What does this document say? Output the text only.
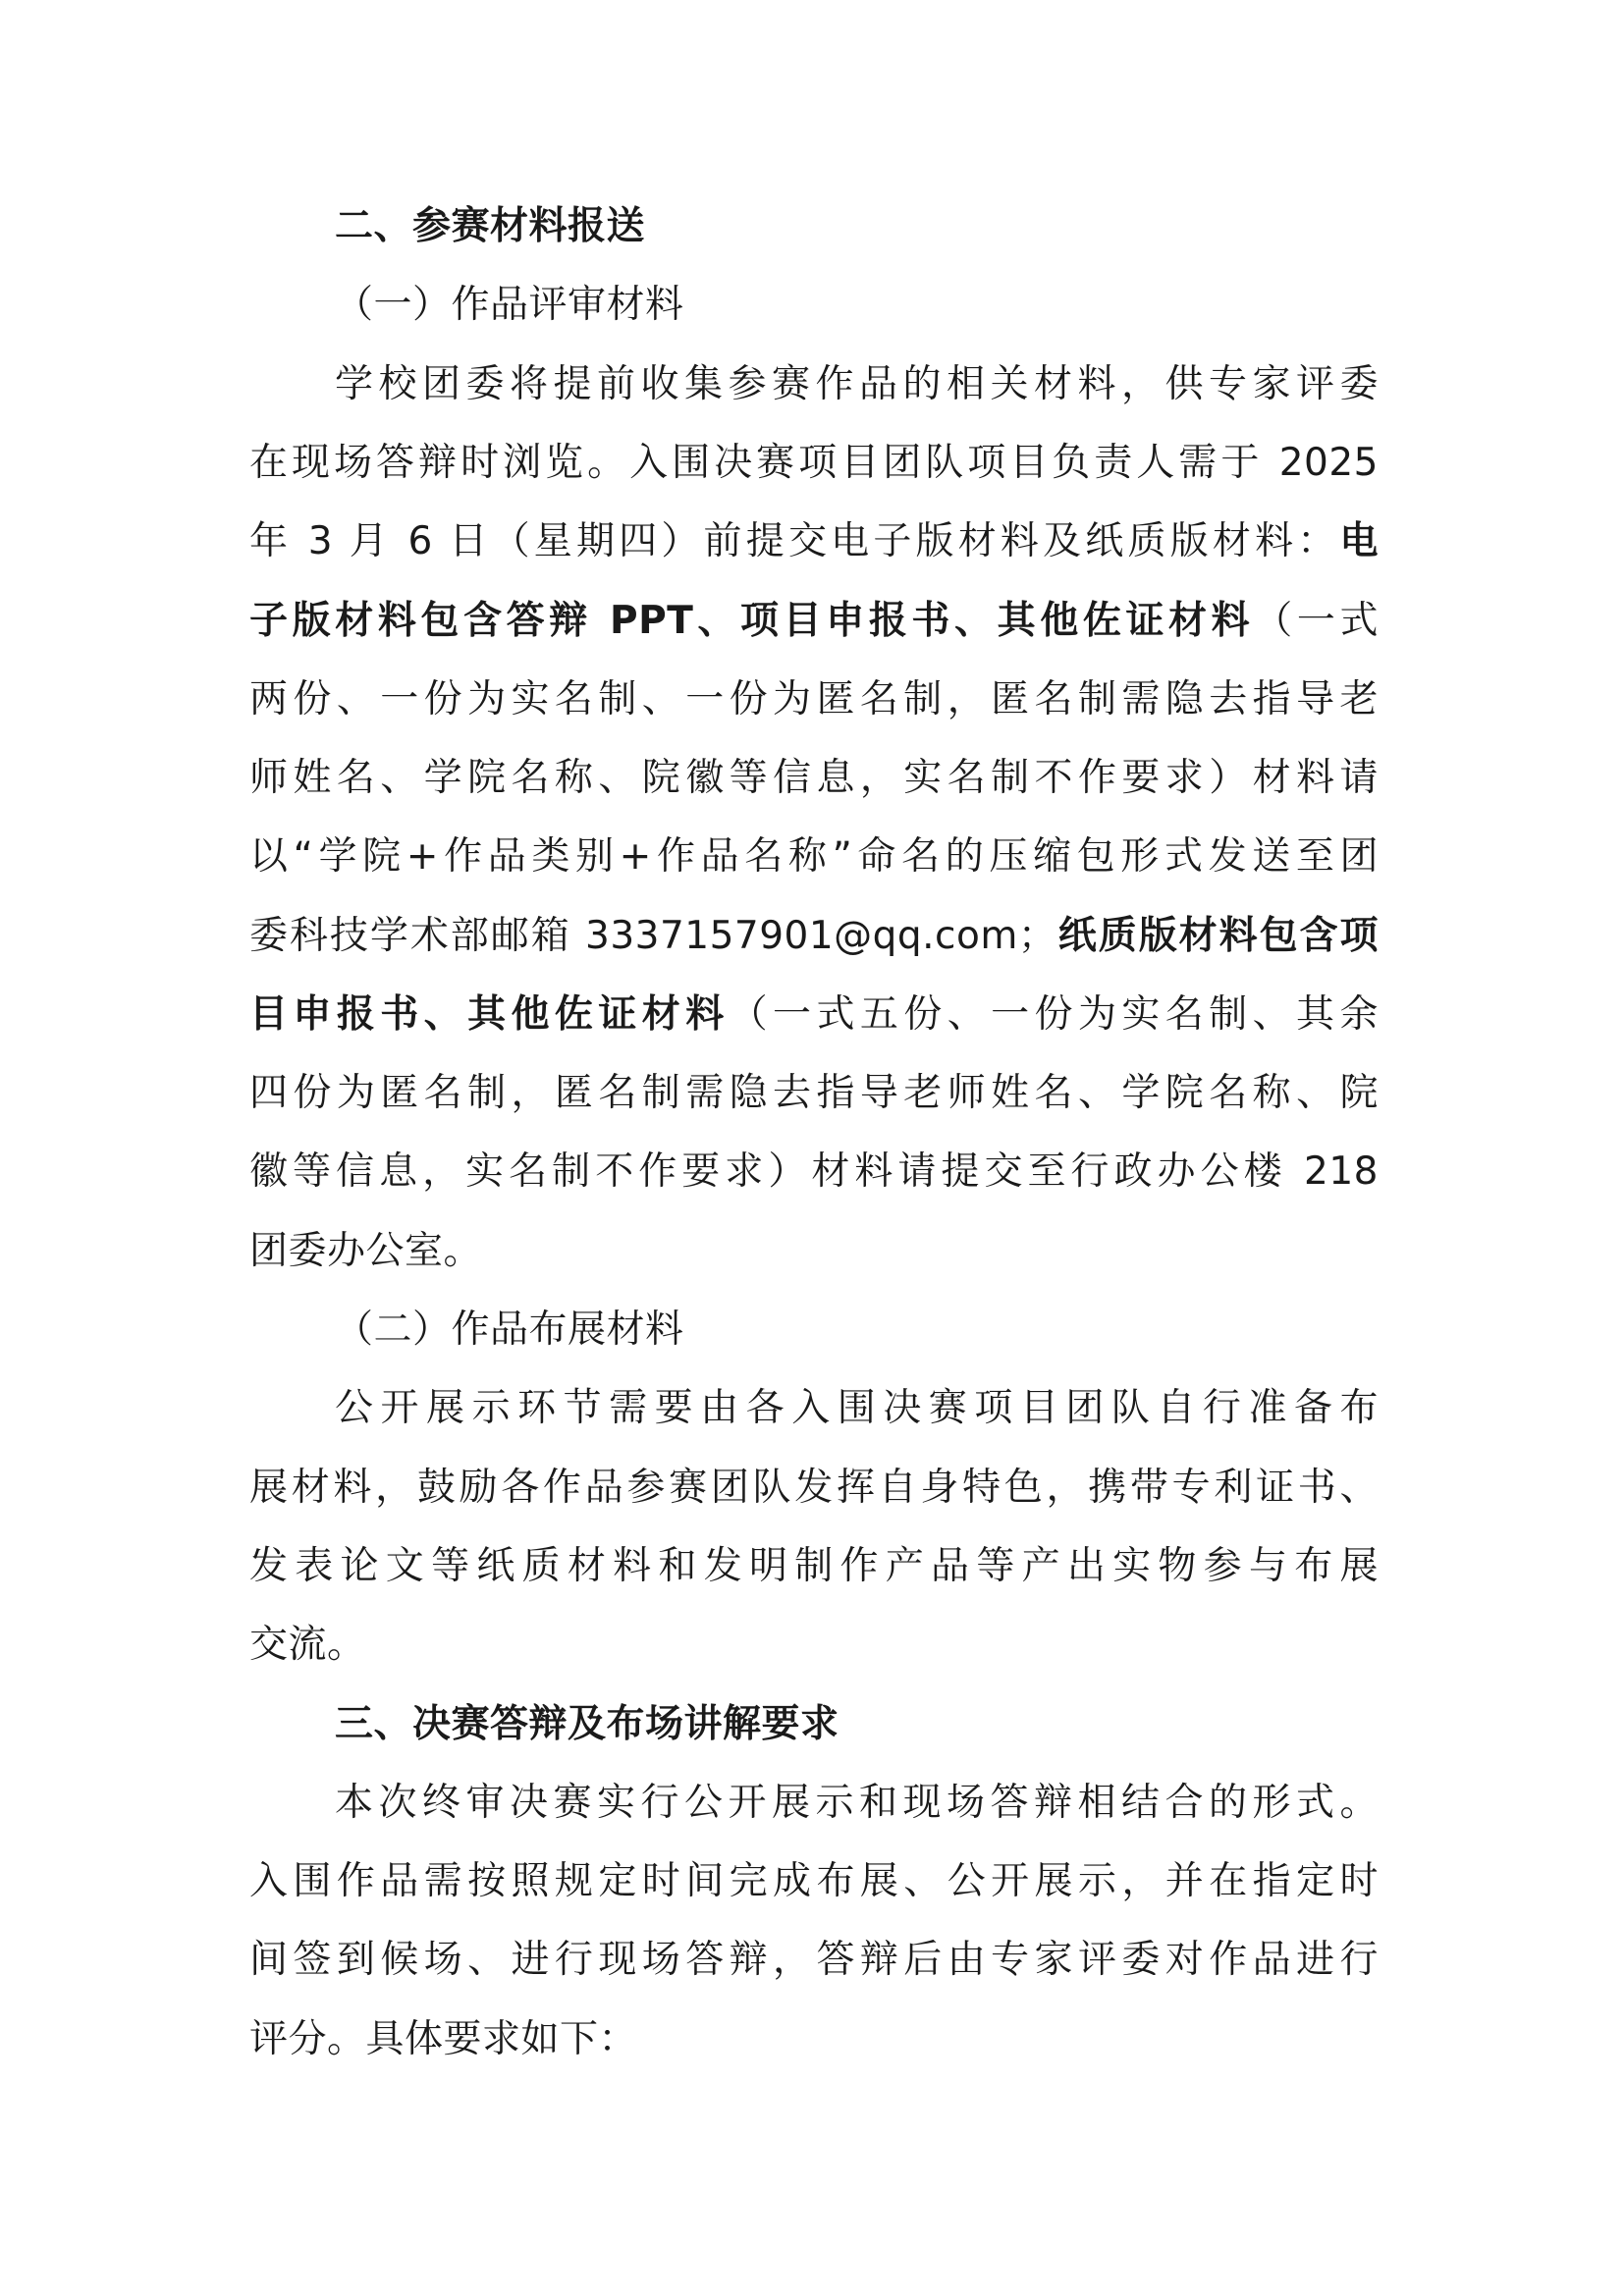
二、参赛材料报送
（一）作品评审材料
学校团委将提前收集参赛作品的相关材料，供专家评委
在现场答辩时浏览。入围决赛项目团队项目负责人需于 2025
年 3 月 6 日（星期四）前提交电子版材料及纸质版材料：电
子版材料包含答辩 PPT、项目申报书、其他佐证材料（一式
两份、一份为实名制、一份为匿名制，匿名制需隐去指导老
师姓名、学院名称、院徽等信息，实名制不作要求）材料请
以“学院+作品类别+作品名称”命名的压缩包形式发送至团
委科技学术部邮箱 3337157901@qq.com；纸质版材料包含项
目申报书、其他佐证材料（一式五份、一份为实名制、其余
四份为匿名制，匿名制需隐去指导老师姓名、学院名称、院
徽等信息，实名制不作要求）材料请提交至行政办公楼 218
团委办公室。
（二）作品布展材料
公开展示环节需要由各入围决赛项目团队自行准备布
展材料，鼓励各作品参赛团队发挥自身特色，携带专利证书、
发表论文等纸质材料和发明制作产品等产出实物参与布展
交流。
三、决赛答辩及布场讲解要求
本次终审决赛实行公开展示和现场答辩相结合的形式。
入围作品需按照规定时间完成布展、公开展示，并在指定时
间签到候场、进行现场答辩，答辩后由专家评委对作品进行
评分。具体要求如下：
